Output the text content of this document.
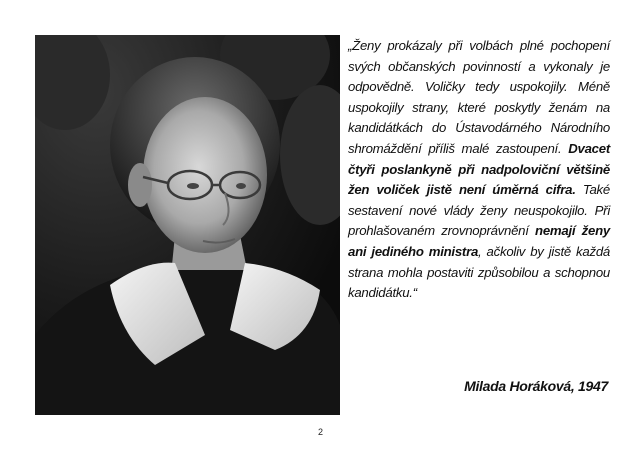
„Ženy prokázaly při volbách plné pochopení svých občanských povinností a vykonaly je odpovědně. Voličky tedy uspokojily. Méně uspokojily strany, které poskytly ženám na kandidátkách do Ústavodárného Národního shromáždění příliš malé zastoupení. Dvacet čtyři poslankyně při nadpoloviční většině žen voliček jistě není úměrná cifra. Také sestavení nové vlády ženy neuspokojilo. Při prohlašovaném zrovnoprávnění nemají ženy ani jediného ministra, ačkoliv by jistě každá strana mohla postaviti způsobilou a schopnou kandidátku.“
Milada Horáková, 1947
2
